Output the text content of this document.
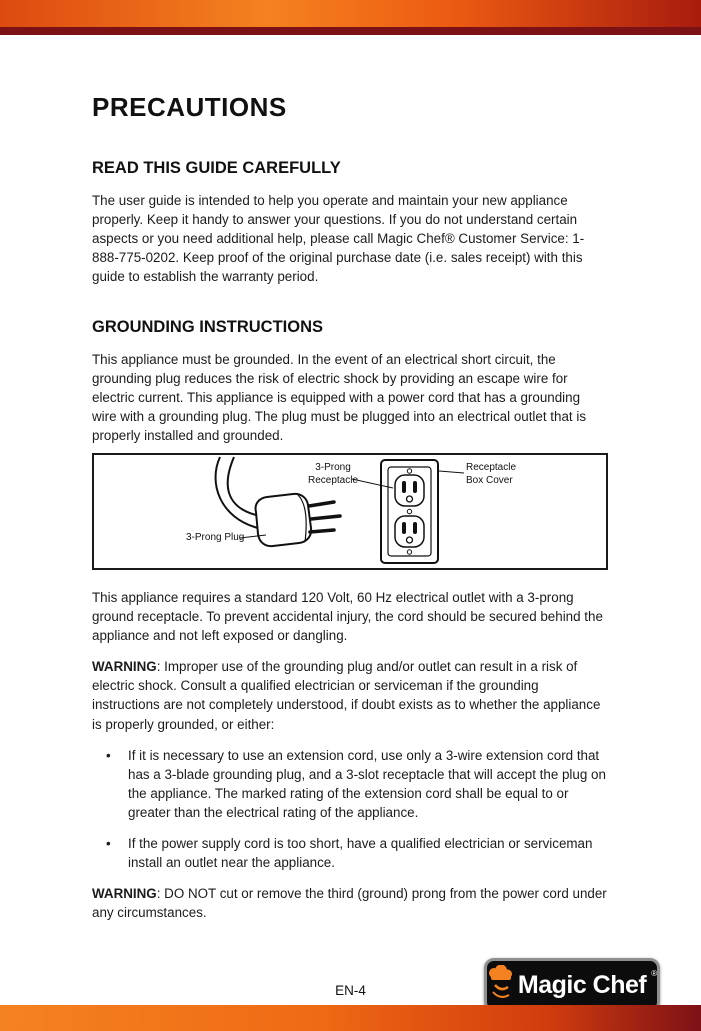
PRECAUTIONS
READ THIS GUIDE CAREFULLY

The user guide is intended to help you operate and maintain your new appliance properly. Keep it handy to answer your questions. If you do not understand certain aspects or you need additional help, please call Magic Chef® Customer Service: 1-888-775-0202. Keep proof of the original purchase date (i.e. sales receipt) with this guide to establish the warranty period.

GROUNDING INSTRUCTIONS

This appliance must be grounded. In the event of an electrical short circuit, the grounding plug reduces the risk of electric shock by providing an escape wire for electric current. This appliance is equipped with a power cord that has a grounding wire with a grounding plug. The plug must be plugged into an electrical outlet that is properly installed and grounded.

3-Prong Receptacle
Receptacle Box Cover
3-Prong Plug

This appliance requires a standard 120 Volt, 60 Hz electrical outlet with a 3-prong ground receptacle. To prevent accidental injury, the cord should be secured behind the appliance and not left exposed or dangling.

WARNING: Improper use of the grounding plug and/or outlet can result in a risk of electric shock. Consult a qualified electrician or serviceman if the grounding instructions are not completely understood, if doubt exists as to whether the appliance is properly grounded, or either:

•	If it is necessary to use an extension cord, use only a 3-wire extension cord that has a 3-blade grounding plug, and a 3-slot receptacle that will accept the plug on the appliance. The marked rating of the extension cord shall be equal to or greater than the electrical rating of the appliance.
•	If the power supply cord is too short, have a qualified electrician or serviceman install an outlet near the appliance.

WARNING: DO NOT cut or remove the third (ground) prong from the power cord under any circumstances.

EN-4	Magic Chef ®
